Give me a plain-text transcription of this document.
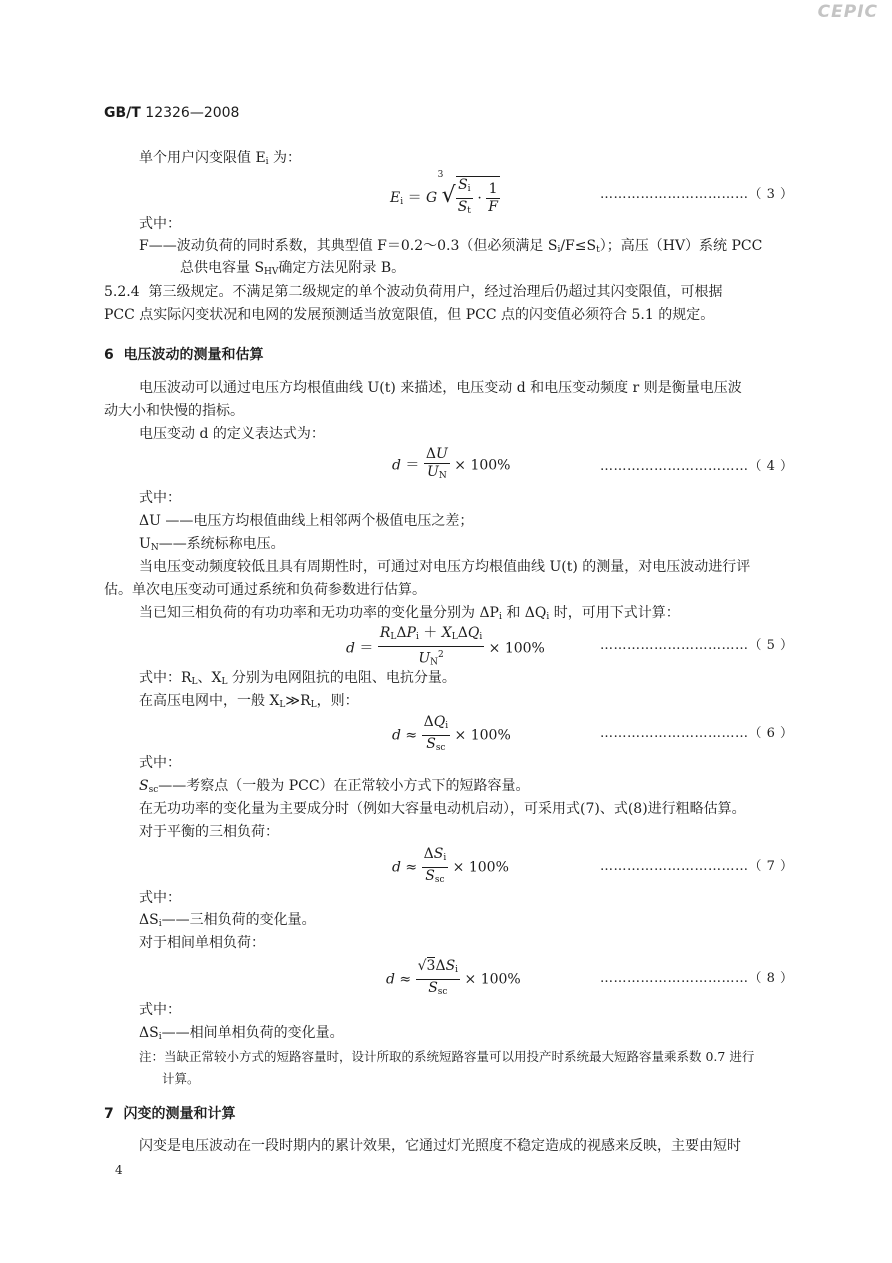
CEPIC
GB/T 12326—2008
单个用户闪变限值 $E_i$ 为：
$E_i = G$
3
√ $\frac{S_i}{S_t} \cdot \frac{1}{F}$	……………………………（ 3 ）
式中：
F——波动负荷的同时系数，其典型值 F＝0.2～0.3（但必须满足 $S_i/F\le S_t$）；高压（HV）系统 PCC
总供电容量 $S_{HV}$确定方法见附录 B。
5.2.4 第三级规定。不满足第二级规定的单个波动负荷用户，经过治理后仍超过其闪变限值，可根据
PCC 点实际闪变状况和电网的发展预测适当放宽限值，但 PCC 点的闪变值必须符合 5.1 的规定。
6 电压波动的测量和估算
电压波动可以通过电压方均根值曲线 U(t) 来描述，电压变动 d 和电压变动频度 r 则是衡量电压波
动大小和快慢的指标。
电压变动 d 的定义表达式为：
$d = \frac{\Delta U}{U_N} \times 100\%$	……………………………（ 4 ）
式中：
ΔU ——电压方均根值曲线上相邻两个极值电压之差；
$U_N——$系统标称电压。
当电压变动频度较低且具有周期性时，可通过对电压方均根值曲线 U(t) 的测量，对电压波动进行评
估。单次电压变动可通过系统和负荷参数进行估算。
当已知三相负荷的有功功率和无功功率的变化量分别为 $\Delta P_i$ 和 $\Delta Q_i$ 时，可用下式计算：
$d = \frac{R_L\Delta P_i + X_L\Delta Q_i}{U_N^2} \times 100\%$	……………………………（ 5 ）
式中：$R_L$、$X_L$ 分别为电网阻抗的电阻、电抗分量。
在高压电网中，一般 $X_L≫R_L$，则：
$d \approx \frac{\Delta Q_i}{S_{sc}} \times 100\%$	……………………………（ 6 ）
式中：
$S_{sc}——$考察点（一般为 PCC）在正常较小方式下的短路容量。
在无功功率的变化量为主要成分时（例如大容量电动机启动），可采用式(7)、式(8)进行粗略估算。
对于平衡的三相负荷：
$d \approx \frac{\Delta S_i}{S_{sc}} \times 100\%$	……………………………（ 7 ）
式中：
$\Delta S_i——$三相负荷的变化量。
对于相间单相负荷：
$d \approx \frac{√3\Delta S_i}{S_{sc}} \times 100\%$	……………………………（ 8 ）
式中：
$\Delta S_i——$相间单相负荷的变化量。
注：当缺正常较小方式的短路容量时，设计所取的系统短路容量可以用投产时系统最大短路容量乘系数 0.7 进行
计算。
7 闪变的测量和计算
闪变是电压波动在一段时期内的累计效果，它通过灯光照度不稳定造成的视感来反映，主要由短时
4
